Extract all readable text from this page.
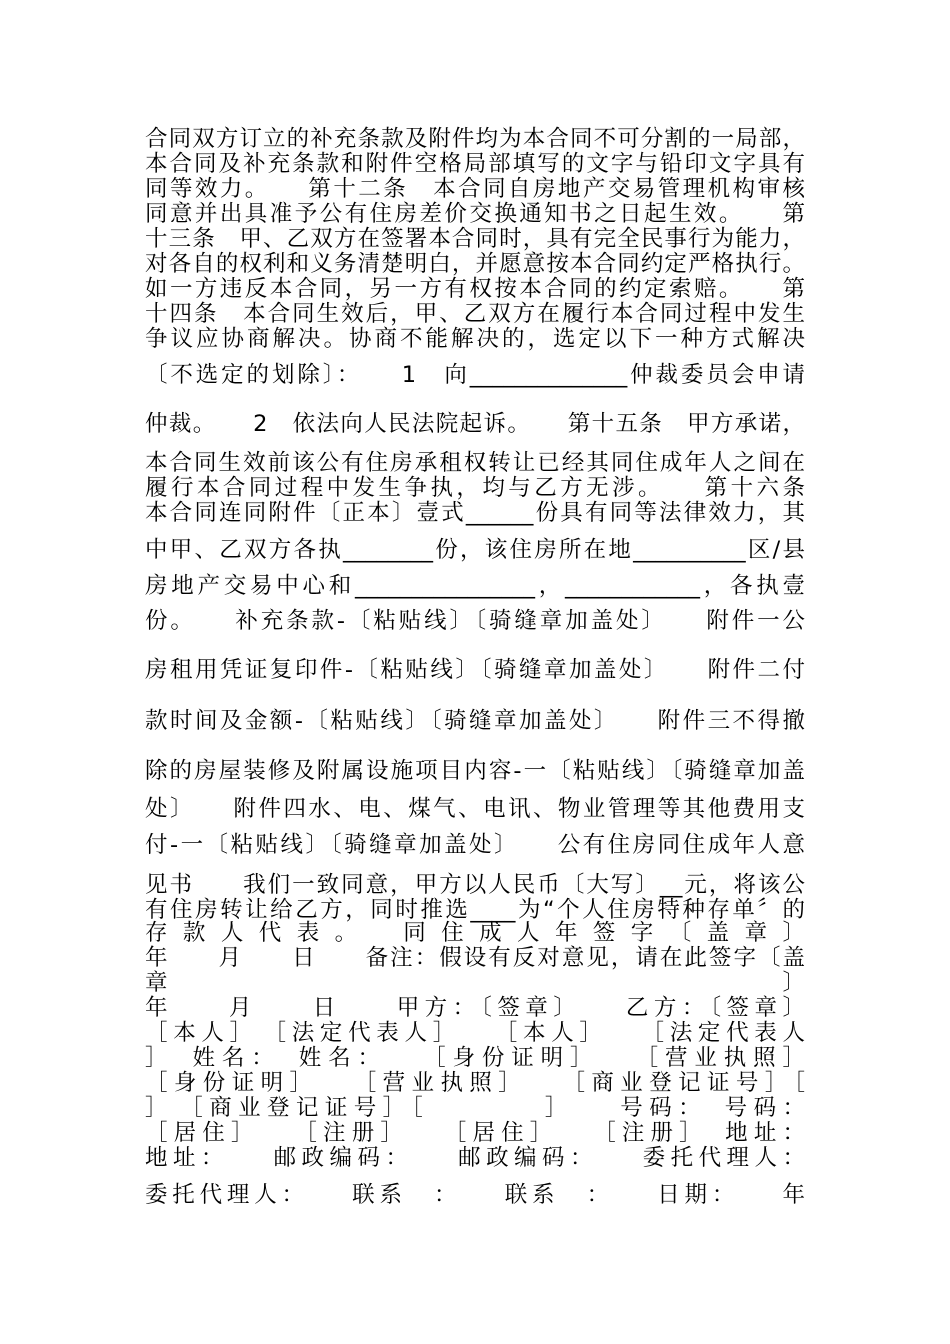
合同双方订立的补充条款及附件均为本合同不可分割的一局部，
本合同及补充条款和附件空格局部填写的文字与铅印文字具有
同等效力。　　第十二条　本合同自房地产交易管理机构审核
同意并出具准予公有住房差价交换通知书之日起生效。　　第
十三条　甲、乙双方在签署本合同时，具有完全民事行为能力，
对各自的权利和义务清楚明白，并愿意按本合同约定严格执行。
如一方违反本合同，另一方有权按本合同的约定索赔。　　第
十四条　本合同生效后，甲、乙双方在履行本合同过程中发生
争议应协商解决。协商不能解决的，选定以下一种方式解决
〔不选定的划除〕：　　1　向______________仲裁委员会申请
仲裁。　　2　依法向人民法院起诉。　　第十五条　甲方承诺，
本合同生效前该公有住房承租权转让已经其同住成年人之间在
履行本合同过程中发生争执，均与乙方无涉。　　第十六条
本合同连同附件〔正本〕壹式______份具有同等法律效力，其
中甲、乙双方各执________份，该住房所在地__________区/县
房地产交易中心和________________，____________，各执壹
份。　　补充条款-〔粘贴线〕〔骑缝章加盖处〕　　附件一公
房租用凭证复印件-〔粘贴线〕〔骑缝章加盖处〕　　附件二付
款时间及金额-〔粘贴线〕〔骑缝章加盖处〕　　附件三不得撤
除的房屋装修及附属设施项目内容-一〔粘贴线〕〔骑缝章加盖
处〕　　附件四水、电、煤气、电讯、物业管理等其他费用支
付-一〔粘贴线〕〔骑缝章加盖处〕　　公有住房同住成年人意
见书　　我们一致同意，甲方以人民币〔大写〕__元，将该公
有住房转让给乙方，同时推选____为“个人住房特种存单〞的
存 款 人 代 表 。　　同 住 成 人 年 签 字 〔 盖 章 〕
年　　月　　日　　备注：假设有反对意见，请在此签字〔盖
章　　　　　　　　　　　　　　　　　　　　　　　　　〕
年　　月　　日　　甲方：〔签章〕　　乙方：〔签章〕
［本人］　［法定代表人］　　［本人］　　［法定代表人
］　姓名：　姓名：　　［身份证明］　　［营业执照］
［身份证明］　　［营业执照］　　［商业登记证号］［
］　［商业登记证号］［　　　　］　　号码：　号码：
［居住］　　［注册］　　［居住］　　［注册］　地址：
地址：　　邮政编码：　　邮政编码：　　委托代理人：
委托代理人：　　联系　：　　联系　：　　日期：　　年
